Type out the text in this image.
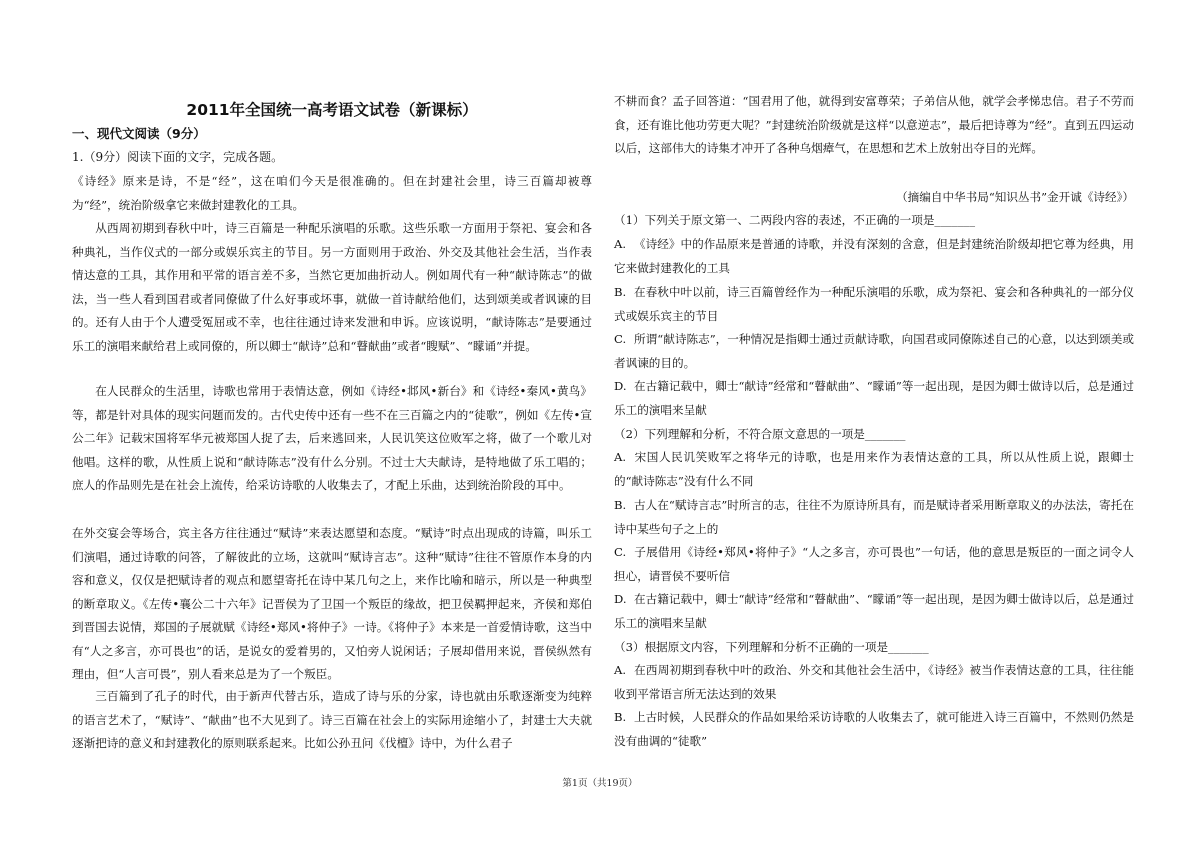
2011年全国统一高考语文试卷（新课标）
一、现代文阅读（9分）
1.（9分）阅读下面的文字，完成各题。
《诗经》原来是诗，不是“经”，这在咱们今天是很准确的。但在封建社会里，诗三百篇却被尊为“经”，统治阶级拿它来做封建教化的工具。
从西周初期到春秋中叶，诗三百篇是一种配乐演唱的乐歌。这些乐歌一方面用于祭祀、宴会和各种典礼，当作仪式的一部分或娱乐宾主的节目。另一方面则用于政治、外交及其他社会生活，当作表情达意的工具，其作用和平常的语言差不多，当然它更加曲折动人。例如周代有一种“献诗陈志”的做法，当一些人看到国君或者同僚做了什么好事或坏事，就做一首诗献给他们，达到颂美或者讽谏的目的。还有人由于个人遭受冤屈或不幸，也往往通过诗来发泄和申诉。应该说明，“献诗陈志”是要通过乐工的演唱来献给君上或同僚的，所以卿士“献诗”总和“瞽献曲”或者“瞍赋”、“矇诵”并提。
在人民群众的生活里，诗歌也常用于表情达意，例如《诗经•邶风•新台》和《诗经•秦风•黄鸟》等，都是针对具体的现实问题而发的。古代史传中还有一些不在三百篇之内的“徒歌”，例如《左传•宣公二年》记载宋国将军华元被郑国人捉了去，后来逃回来，人民讥笑这位败军之将，做了一个歌儿对他唱。这样的歌，从性质上说和“献诗陈志”没有什么分别。不过士大夫献诗，是特地做了乐工唱的；庶人的作品则先是在社会上流传，给采访诗歌的人收集去了，才配上乐曲，达到统治阶段的耳中。
在外交宴会等场合，宾主各方往往通过“赋诗”来表达愿望和态度。“赋诗”时点出现成的诗篇，叫乐工们演唱，通过诗歌的问答，了解彼此的立场，这就叫“赋诗言志”。这种“赋诗”往往不管原作本身的内容和意义，仅仅是把赋诗者的观点和愿望寄托在诗中某几句之上，来作比喻和暗示，所以是一种典型的断章取义。《左传•襄公二十六年》记晋侯为了卫国一个叛臣的缘故，把卫侯羁押起来，齐侯和郑伯到晋国去说情，郑国的子展就赋《诗经•郑风•将仲子》一诗。《将仲子》本来是一首爱情诗歌，这当中有“人之多言，亦可畏也”的话，是说女的爱着男的，又怕旁人说闲话；子展却借用来说，晋侯纵然有理由，但“人言可畏”，别人看来总是为了一个叛臣。
三百篇到了孔子的时代，由于新声代替古乐，造成了诗与乐的分家，诗也就由乐歌逐渐变为纯粹的语言艺术了，“赋诗”、“献曲”也不大见到了。诗三百篇在社会上的实际用途缩小了，封建士大夫就逐渐把诗的意义和封建教化的原则联系起来。比如公孙丑问《伐檀》诗中，为什么君子
不耕而食？孟子回答道：“国君用了他，就得到安富尊荣；子弟信从他，就学会孝悌忠信。君子不劳而食，还有谁比他功劳更大呢？”封建统治阶级就是这样“以意逆志”，最后把诗尊为“经”。直到五四运动以后，这部伟大的诗集才冲开了各种乌烟瘴气，在思想和艺术上放射出夺目的光辉。
（摘编自中华书局“知识丛书”金开诚《诗经》）
（1）下列关于原文第一、二两段内容的表述，不正确的一项是_______
A. 《诗经》中的作品原来是普通的诗歌，并没有深刻的含意，但是封建统治阶级却把它尊为经典，用它来做封建教化的工具
B. 在春秋中叶以前，诗三百篇曾经作为一种配乐演唱的乐歌，成为祭祀、宴会和各种典礼的一部分仪式或娱乐宾主的节目
C. 所谓“献诗陈志”，一种情况是指卿士通过贡献诗歌，向国君或同僚陈述自己的心意，以达到颂美或者讽谏的目的。
D. 在古籍记载中，卿士“献诗”经常和“瞽献曲”、“矇诵”等一起出现，是因为卿士做诗以后，总是通过乐工的演唱来呈献
（2）下列理解和分析，不符合原文意思的一项是_______
A. 宋国人民讥笑败军之将华元的诗歌，也是用来作为表情达意的工具，所以从性质上说，跟卿士的“献诗陈志”没有什么不同
B. 古人在“赋诗言志”时所言的志，往往不为原诗所具有，而是赋诗者采用断章取义的办法法，寄托在诗中某些句子之上的
C. 子展借用《诗经•郑风•将仲子》“人之多言，亦可畏也”一句话，他的意思是叛臣的一面之词令人担心，请晋侯不要听信
D. 在古籍记载中，卿士“献诗”经常和“瞽献曲”、“矇诵”等一起出现，是因为卿士做诗以后，总是通过乐工的演唱来呈献
（3）根据原文内容，下列理解和分析不正确的一项是_______
A. 在西周初期到春秋中叶的政治、外交和其他社会生活中，《诗经》被当作表情达意的工具，往往能收到平常语言所无法达到的效果
B. 上古时候，人民群众的作品如果给采访诗歌的人收集去了，就可能进入诗三百篇中，不然则仍然是没有曲调的“徒歌”
第1页（共19页）
